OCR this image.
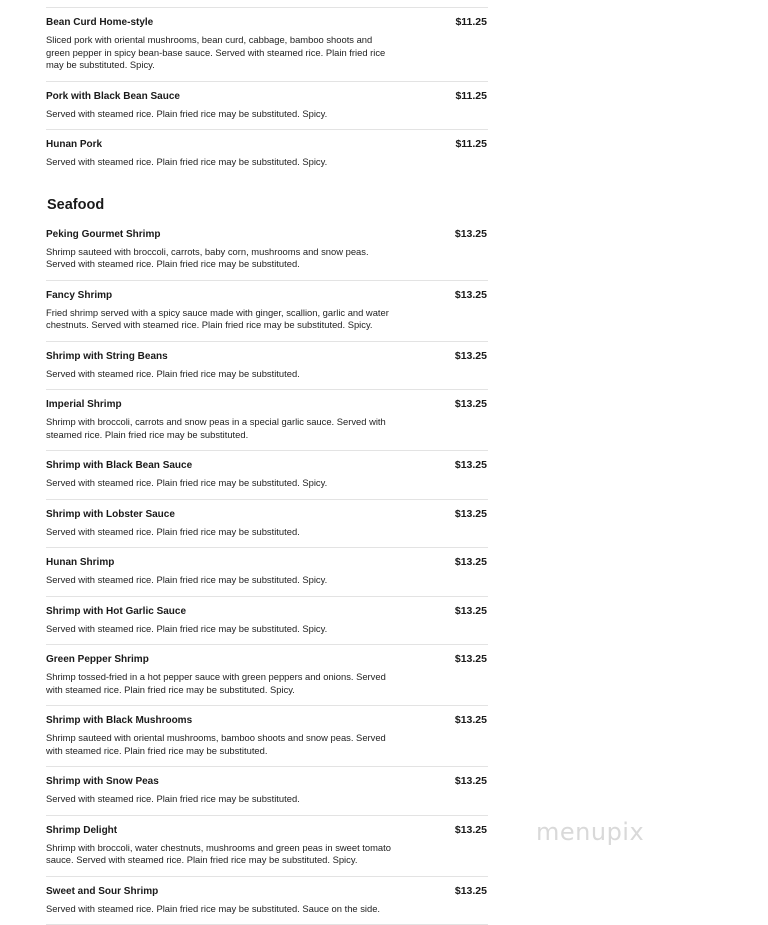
Bean Curd Home-style	$11.25
Sliced pork with oriental mushrooms, bean curd, cabbage, bamboo shoots and green pepper in spicy bean-base sauce. Served with steamed rice. Plain fried rice may be substituted. Spicy.
Pork with Black Bean Sauce	$11.25
Served with steamed rice. Plain fried rice may be substituted. Spicy.
Hunan Pork	$11.25
Served with steamed rice. Plain fried rice may be substituted. Spicy.
Seafood
Peking Gourmet Shrimp	$13.25
Shrimp sauteed with broccoli, carrots, baby corn, mushrooms and snow peas. Served with steamed rice. Plain fried rice may be substituted.
Fancy Shrimp	$13.25
Fried shrimp served with a spicy sauce made with ginger, scallion, garlic and water chestnuts. Served with steamed rice. Plain fried rice may be substituted. Spicy.
Shrimp with String Beans	$13.25
Served with steamed rice. Plain fried rice may be substituted.
Imperial Shrimp	$13.25
Shrimp with broccoli, carrots and snow peas in a special garlic sauce. Served with steamed rice. Plain fried rice may be substituted.
Shrimp with Black Bean Sauce	$13.25
Served with steamed rice. Plain fried rice may be substituted. Spicy.
Shrimp with Lobster Sauce	$13.25
Served with steamed rice. Plain fried rice may be substituted.
Hunan Shrimp	$13.25
Served with steamed rice. Plain fried rice may be substituted. Spicy.
Shrimp with Hot Garlic Sauce	$13.25
Served with steamed rice. Plain fried rice may be substituted. Spicy.
Green Pepper Shrimp	$13.25
Shrimp tossed-fried in a hot pepper sauce with green peppers and onions. Served with steamed rice. Plain fried rice may be substituted. Spicy.
Shrimp with Black Mushrooms	$13.25
Shrimp sauteed with oriental mushrooms, bamboo shoots and snow peas. Served with steamed rice. Plain fried rice may be substituted.
Shrimp with Snow Peas	$13.25
Served with steamed rice. Plain fried rice may be substituted.
Shrimp Delight	$13.25
Shrimp with broccoli, water chestnuts, mushrooms and green peas in sweet tomato sauce. Served with steamed rice. Plain fried rice may be substituted. Spicy.
Sweet and Sour Shrimp	$13.25
Served with steamed rice. Plain fried rice may be substituted. Sauce on the side.
menupix
